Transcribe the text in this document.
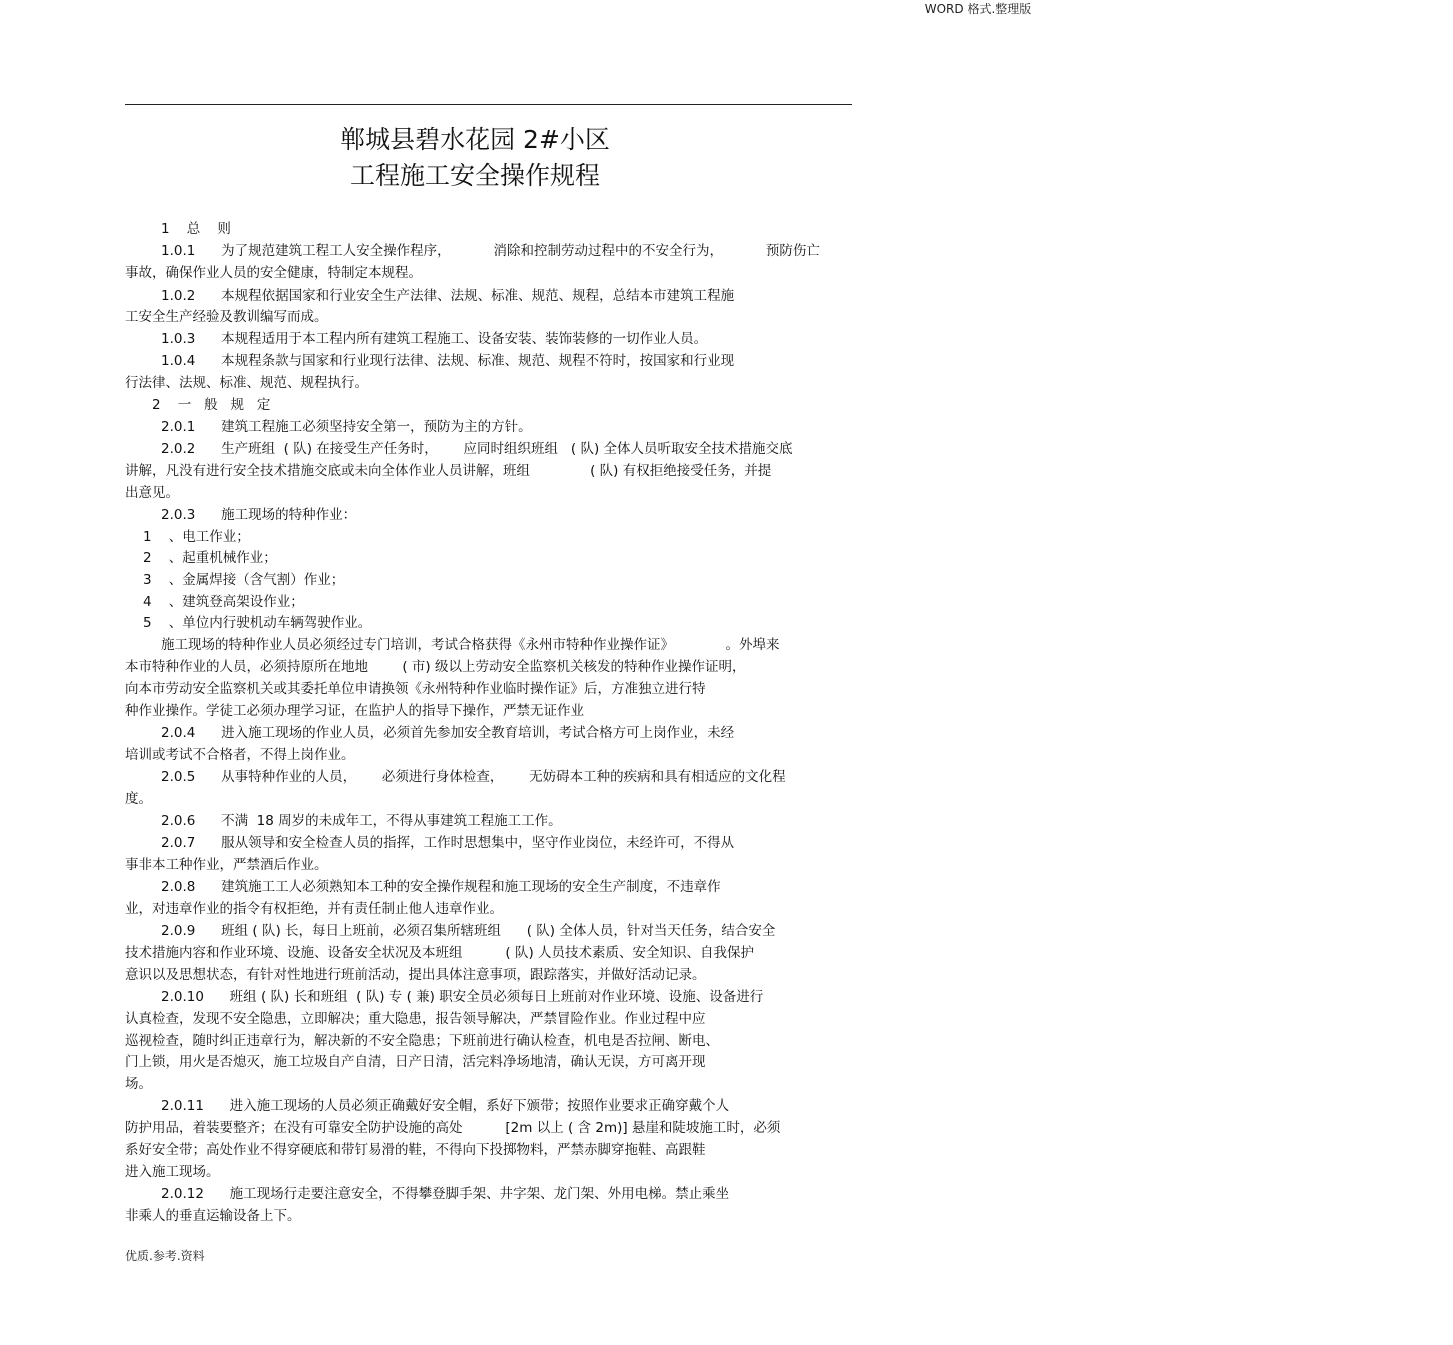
WORD 格式.整理版
郸城县碧水花园 2#小区
工程施工安全操作规程
1    总    则
1.0.1      为了规范建筑工程工人安全操作程序，          消除和控制劳动过程中的不安全行为，          预防伤亡
事故，确保作业人员的安全健康，特制定本规程。
1.0.2      本规程依据国家和行业安全生产法律、法规、标准、规范、规程，总结本市建筑工程施
工安全生产经验及教训编写而成。
1.0.3      本规程适用于本工程内所有建筑工程施工、设备安装、装饰装修的一切作业人员。
1.0.4      本规程条款与国家和行业现行法律、法规、标准、规范、规程不符时，按国家和行业现
行法律、法规、标准、规范、规程执行。
2    一   般   规   定
2.0.1      建筑工程施工必须坚持安全第一，预防为主的方针。
2.0.2      生产班组  ( 队) 在接受生产任务时，      应同时组织班组   ( 队) 全体人员听取安全技术措施交底
讲解，凡没有进行安全技术措施交底或未向全体作业人员讲解，班组              ( 队) 有权拒绝接受任务，并提
出意见。
2.0.3      施工现场的特种作业：
1    、电工作业；
2    、起重机械作业；
3    、金属焊接（含气割）作业；
4    、建筑登高架设作业；
5    、单位内行驶机动车辆驾驶作业。
施工现场的特种作业人员必须经过专门培训，考试合格获得《永州市特种作业操作证》            。外埠来
本市特种作业的人员，必须持原所在地地        ( 市) 级以上劳动安全监察机关核发的特种作业操作证明，
向本市劳动安全监察机关或其委托单位申请换领《永州特种作业临时操作证》后，方准独立进行特
种作业操作。学徒工必须办理学习证，在监护人的指导下操作，严禁无证作业
2.0.4      进入施工现场的作业人员，必须首先参加安全教育培训，考试合格方可上岗作业，未经
培训或考试不合格者，不得上岗作业。
2.0.5      从事特种作业的人员，      必须进行身体检查，      无妨碍本工种的疾病和具有相适应的文化程
度。
2.0.6      不满  18 周岁的未成年工，不得从事建筑工程施工工作。
2.0.7      服从领导和安全检查人员的指挥，工作时思想集中，坚守作业岗位，未经许可，不得从
事非本工种作业，严禁酒后作业。
2.0.8      建筑施工工人必须熟知本工种的安全操作规程和施工现场的安全生产制度，不违章作
业，对违章作业的指令有权拒绝，并有责任制止他人违章作业。
2.0.9      班组 ( 队) 长，每日上班前，必须召集所辖班组      ( 队) 全体人员，针对当天任务，结合安全
技术措施内容和作业环境、设施、设备安全状况及本班组          ( 队) 人员技术素质、安全知识、自我保护
意识以及思想状态，有针对性地进行班前活动，提出具体注意事项，跟踪落实，并做好活动记录。
2.0.10      班组 ( 队) 长和班组  ( 队) 专 ( 兼) 职安全员必须每日上班前对作业环境、设施、设备进行
认真检查，发现不安全隐患，立即解决；重大隐患，报告领导解决，严禁冒险作业。作业过程中应
巡视检查，随时纠正违章行为，解决新的不安全隐患；下班前进行确认检查，机电是否拉闸、断电、
门上锁，用火是否熄灭，施工垃圾自产自清，日产日清，活完料净场地清，确认无误，方可离开现
场。
2.0.11      进入施工现场的人员必须正确戴好安全帽，系好下颁带；按照作业要求正确穿戴个人
防护用品，着装要整齐；在没有可靠安全防护设施的高处          [2m 以上 ( 含 2m)] 悬崖和陡坡施工时，必须
系好安全带；高处作业不得穿硬底和带钉易滑的鞋，不得向下投掷物料，严禁赤脚穿拖鞋、高跟鞋
进入施工现场。
2.0.12      施工现场行走要注意安全，不得攀登脚手架、井字架、龙门架、外用电梯。禁止乘坐
非乘人的垂直运输设备上下。
优质.参考.资料
